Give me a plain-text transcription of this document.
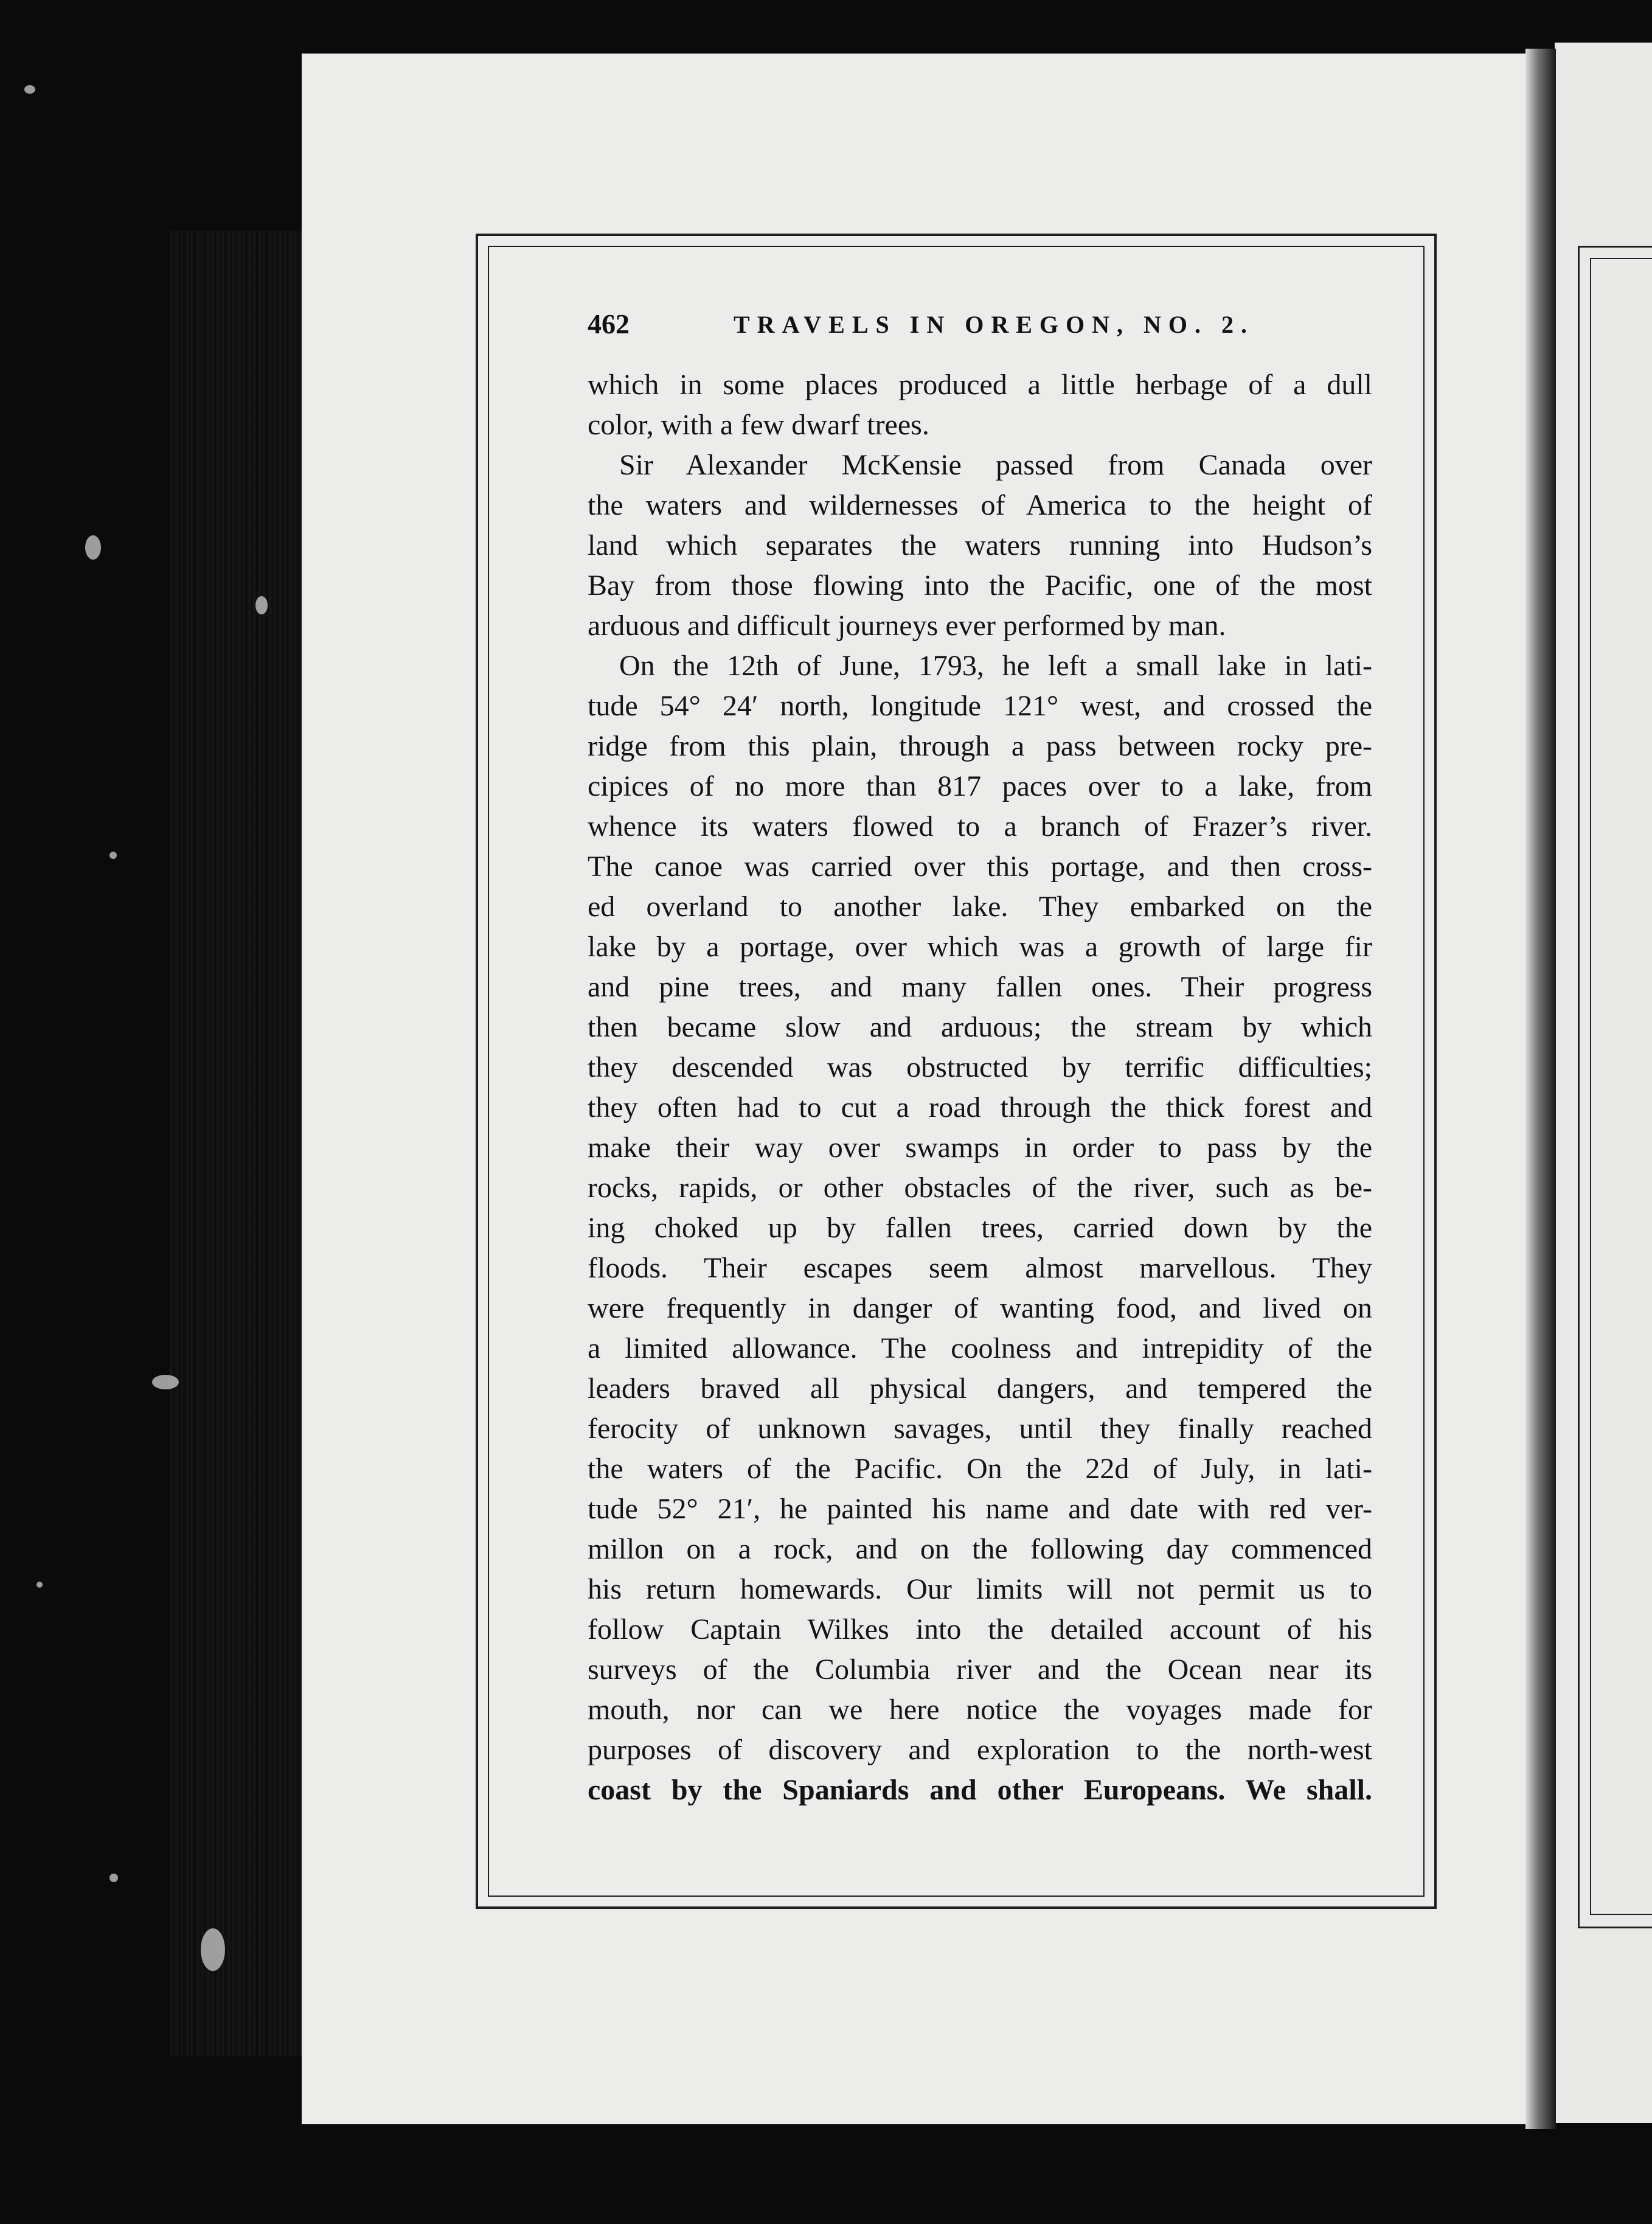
462	TRAVELS IN OREGON, NO. 2.
which in some places produced a little herbage of a dull
color, with a few dwarf trees.
Sir Alexander McKensie passed from Canada over
the waters and wildernesses of America to the height of
land which separates the waters running into Hudson’s
Bay from those flowing into the Pacific, one of the most
arduous and difficult journeys ever performed by man.
On the 12th of June, 1793, he left a small lake in lati-
tude 54° 24′ north, longitude 121° west, and crossed the
ridge from this plain, through a pass between rocky pre-
cipices of no more than 817 paces over to a lake, from
whence its waters flowed to a branch of Frazer’s river.
The canoe was carried over this portage, and then cross-
ed overland to another lake. They embarked on the
lake by a portage, over which was a growth of large fir
and pine trees, and many fallen ones. Their progress
then became slow and arduous; the stream by which
they descended was obstructed by terrific difficulties;
they often had to cut a road through the thick forest and
make their way over swamps in order to pass by the
rocks, rapids, or other obstacles of the river, such as be-
ing choked up by fallen trees, carried down by the
floods. Their escapes seem almost marvellous. They
were frequently in danger of wanting food, and lived on
a limited allowance. The coolness and intrepidity of the
leaders braved all physical dangers, and tempered the
ferocity of unknown savages, until they finally reached
the waters of the Pacific. On the 22d of July, in lati-
tude 52° 21′, he painted his name and date with red ver-
millon on a rock, and on the following day commenced
his return homewards. Our limits will not permit us to
follow Captain Wilkes into the detailed account of his
surveys of the Columbia river and the Ocean near its
mouth, nor can we here notice the voyages made for
purposes of discovery and exploration to the north-west
coast by the Spaniards and other Europeans. We shall.
